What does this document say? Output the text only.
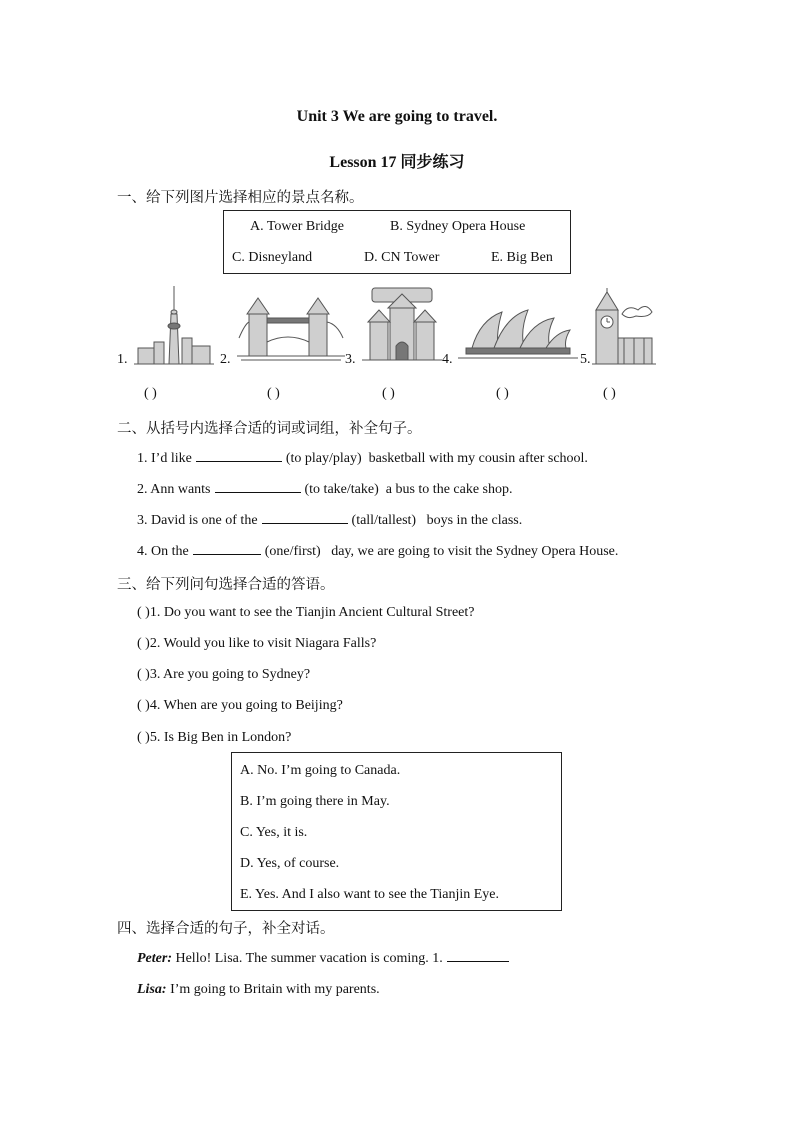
Unit 3 We are going to travel.
Lesson 17 同步练习
一、给下列图片选择相应的景点名称。
A. Tower Bridge	B. Sydney Opera House
C. Disneyland	D. CN Tower	E. Big Ben
1.	2.	3.	4.	5.
( )	( )	( )	( )	( )
二、从括号内选择合适的词或词组，补全句子。
1. I’d like	(to play/play) basketball with my cousin after school.
2. Ann wants	(to take/take) a bus to the cake shop.
3. David is one of the	(tall/tallest) boys in the class.
4. On the	(one/first) day, we are going to visit the Sydney Opera House.
三、给下列问句选择合适的答语。
( )1. Do you want to see the Tianjin Ancient Cultural Street?
( )2. Would you like to visit Niagara Falls?
( )3. Are you going to Sydney?
( )4. When are you going to Beijing?
( )5. Is Big Ben in London?
A. No. I’m going to Canada.
B. I’m going there in May.
C. Yes, it is.
D. Yes, of course.
E. Yes. And I also want to see the Tianjin Eye.
四、选择合适的句子，补全对话。
Peter: Hello! Lisa. The summer vacation is coming. 1.
Lisa: I’m going to Britain with my parents.
